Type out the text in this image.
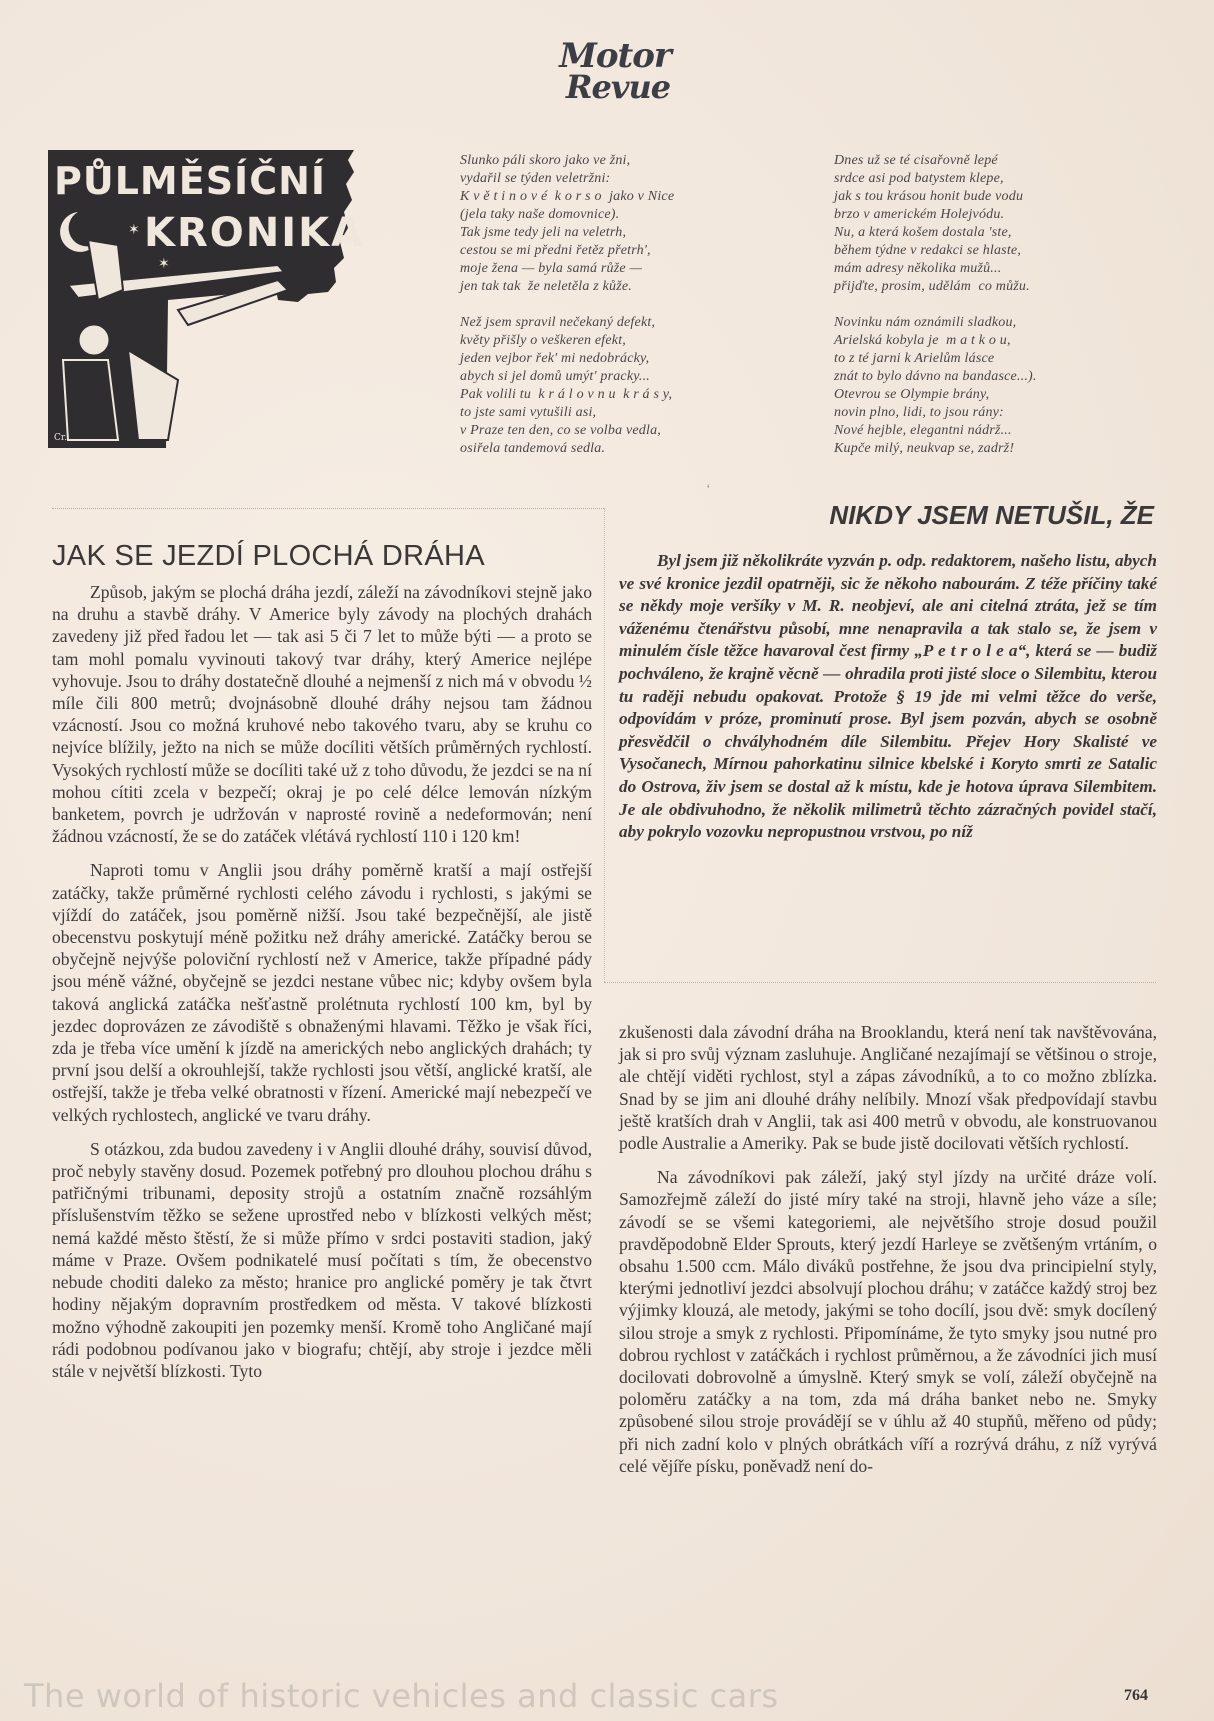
Motor
Revue
PŮLMĚSÍČNÍ
KRONIKA
✶
✶
Cr.

Slunko páli skoro jako ve žni,
vydařil se týden veletržni:
K v ě t i n o v é  k o r s o  jako v Nice
(jela taky naše domovnice).
Tak jsme tedy jeli na veletrh,
cestou se mi předni řetěz přetrh',
moje žena — byla samá růže —
jen tak tak  že neletěla z kůže.

Než jsem spravil nečekaný defekt,
květy přišly o veškeren efekt,
jeden vejbor řek' mi nedobrácky,
abych si jel domů umýt' pracky...
Pak volili tu  k r á l o v n u  k r á s y,
to jste sami vytušili asi,
v Praze ten den, co se volba vedla,
osiřela tandemová sedla.

Dnes už se té cisařovně lepé
srdce asi pod batystem klepe,
jak s tou krásou honit bude vodu
brzo v americkém Holejvódu.
Nu, a která košem dostala 'ste,
během týdne v redakci se hlaste,
mám adresy několika mužů...
přijďte, prosim, udělám  co můžu.

Novinku nám oznámili sladkou,
Arielská kobyla je  m a t k o u,
to z té jarni k Arielům lásce
znát to bylo dávno na bandasce...).
Otevrou se Olympie brány,
novin plno, lidi, to jsou rány:
Nové hejble, elegantni nádrž...
Kupče milý, neukvap se, zadrž!

ʻ
JAK SE JEZDÍ PLOCHÁ DRÁHA

Způsob, jakým se plochá dráha jezdí, záleží na závodníkovi stejně jako na druhu a stavbě dráhy. V Americe byly závody na plochých drahách zavedeny již před řadou let — tak asi 5 či 7 let to může býti — a proto se tam mohl pomalu vyvinouti takový tvar dráhy, který Americe nejlépe vyhovuje. Jsou to dráhy dostatečně dlouhé a nejmenší z nich má v obvodu ½ míle čili 800 metrů; dvojnásobně dlouhé dráhy nejsou tam žádnou vzácností. Jsou co možná kruhové nebo takového tvaru, aby se kruhu co nejvíce blížily, ježto na nich se může docíliti větších průměrných rychlostí. Vysokých rychlostí může se docíliti také už z toho důvodu, že jezdci se na ní mohou cítiti zcela v bezpečí; okraj je po celé délce lemován nízkým banketem, povrch je udržován v naprosté rovině a nedeformován; není žádnou vzácností, že se do zatáček vlétává rychlostí 110 i 120 km!

Naproti tomu v Anglii jsou dráhy poměrně kratší a mají ostřejší zatáčky, takže průměrné rychlosti celého závodu i rychlosti, s jakými se vjíždí do zatáček, jsou poměrně nižší. Jsou také bezpečnější, ale jistě obecenstvu poskytují méně požitku než dráhy americké. Zatáčky berou se obyčejně nejvýše poloviční rychlostí než v Americe, takže případné pády jsou méně vážné, obyčejně se jezdci nestane vůbec nic; kdyby ovšem byla taková anglická zatáčka nešťastně prolétnuta rychlostí 100 km, byl by jezdec doprovázen ze závodiště s obnaženými hlavami. Těžko je však říci, zda je třeba více umění k jízdě na amerických nebo anglických drahách; ty první jsou delší a okrouhlejší, takže rychlosti jsou větší, anglické kratší, ale ostřejší, takže je třeba velké obratnosti v řízení. Americké mají nebezpečí ve velkých rychlostech, anglické ve tvaru dráhy.

S otázkou, zda budou zavedeny i v Anglii dlouhé dráhy, souvisí důvod, proč nebyly stavěny dosud. Pozemek potřebný pro dlouhou plochou dráhu s patřičnými tribunami, deposity strojů a ostatním značně rozsáhlým příslušenstvím těžko se sežene uprostřed nebo v blízkosti velkých měst; nemá každé město štěstí, že si může přímo v srdci postaviti stadion, jaký máme v Praze. Ovšem podnikatelé musí počítati s tím, že obecenstvo nebude choditi daleko za město; hranice pro anglické poměry je tak čtvrt hodiny nějakým dopravním prostředkem od města. V takové blízkosti možno výhodně zakoupiti jen pozemky menší. Kromě toho Angličané mají rádi podobnou podívanou jako v biografu; chtějí, aby stroje i jezdce měli stále v největší blízkosti. Tyto

NIKDY JSEM NETUŠIL, ŽE

Byl jsem již několikráte vyzván p. odp. redaktorem, našeho listu, abych ve své kronice jezdil opatrněji, sic že někoho nabourám. Z téže příčiny také se někdy moje veršíky v M. R. neobjeví, ale ani citelná ztráta, jež se tím váženému čtenářstvu působí, mne nenapravila a tak stalo se, že jsem v minulém čísle těžce havaroval čest firmy „P e t r o l e a“, která se — budiž pochváleno, že krajně věcně — ohradila proti jisté sloce o Silembitu, kterou tu raději nebudu opakovat. Protože § 19 jde mi velmi těžce do verše, odpovídám v próze, prominutí prose. Byl jsem pozván, abych se osobně přesvědčil o chvályhodném díle Silembitu. Přejev Hory Skalisté ve Vysočanech, Mírnou pahorkatinu silnice kbelské i Koryto smrti ze Satalic do Ostrova, živ jsem se dostal až k místu, kde je hotova úprava Silembitem. Je ale obdivuhodno, že několik milimetrů těchto zázračných povidel stačí, aby pokrylo vozovku nepropustnou vrstvou, po níž

zkušenosti dala závodní dráha na Brooklandu, která není tak navštěvována, jak si pro svůj význam zasluhuje. Angličané nezajímají se většinou o stroje, ale chtějí viděti rychlost, styl a zápas závodníků, a to co možno zblízka. Snad by se jim ani dlouhé dráhy nelíbily. Mnozí však předpovídají stavbu ještě kratších drah v Anglii, tak asi 400 metrů v obvodu, ale konstruovanou podle Australie a Ameriky. Pak se bude jistě docilovati větších rychlostí.

Na závodníkovi pak záleží, jaký styl jízdy na určité dráze volí. Samozřejmě záleží do jisté míry také na stroji, hlavně jeho váze a síle; závodí se se všemi kategoriemi, ale největšího stroje dosud použil pravděpodobně Elder Sprouts, který jezdí Harleye se zvětšeným vrtáním, o obsahu 1.500 ccm. Málo diváků postřehne, že jsou dva principielní styly, kterými jednotliví jezdci absolvují plochou dráhu; v zatáčce každý stroj bez výjimky klouzá, ale metody, jakými se toho docílí, jsou dvě: smyk docílený silou stroje a smyk z rychlosti. Připomínáme, že tyto smyky jsou nutné pro dobrou rychlost v zatáčkách i rychlost průměrnou, a že závodníci jich musí docilovati dobrovolně a úmyslně. Který smyk se volí, záleží obyčejně na poloměru zatáčky a na tom, zda má dráha banket nebo ne. Smyky způsobené silou stroje provádějí se v úhlu až 40 stupňů, měřeno od půdy; při nich zadní kolo v plných obrátkách víří a rozrývá dráhu, z níž vyrývá celé vějíře písku, poněvadž není do-

The world of historic vehicles and classic cars	764
